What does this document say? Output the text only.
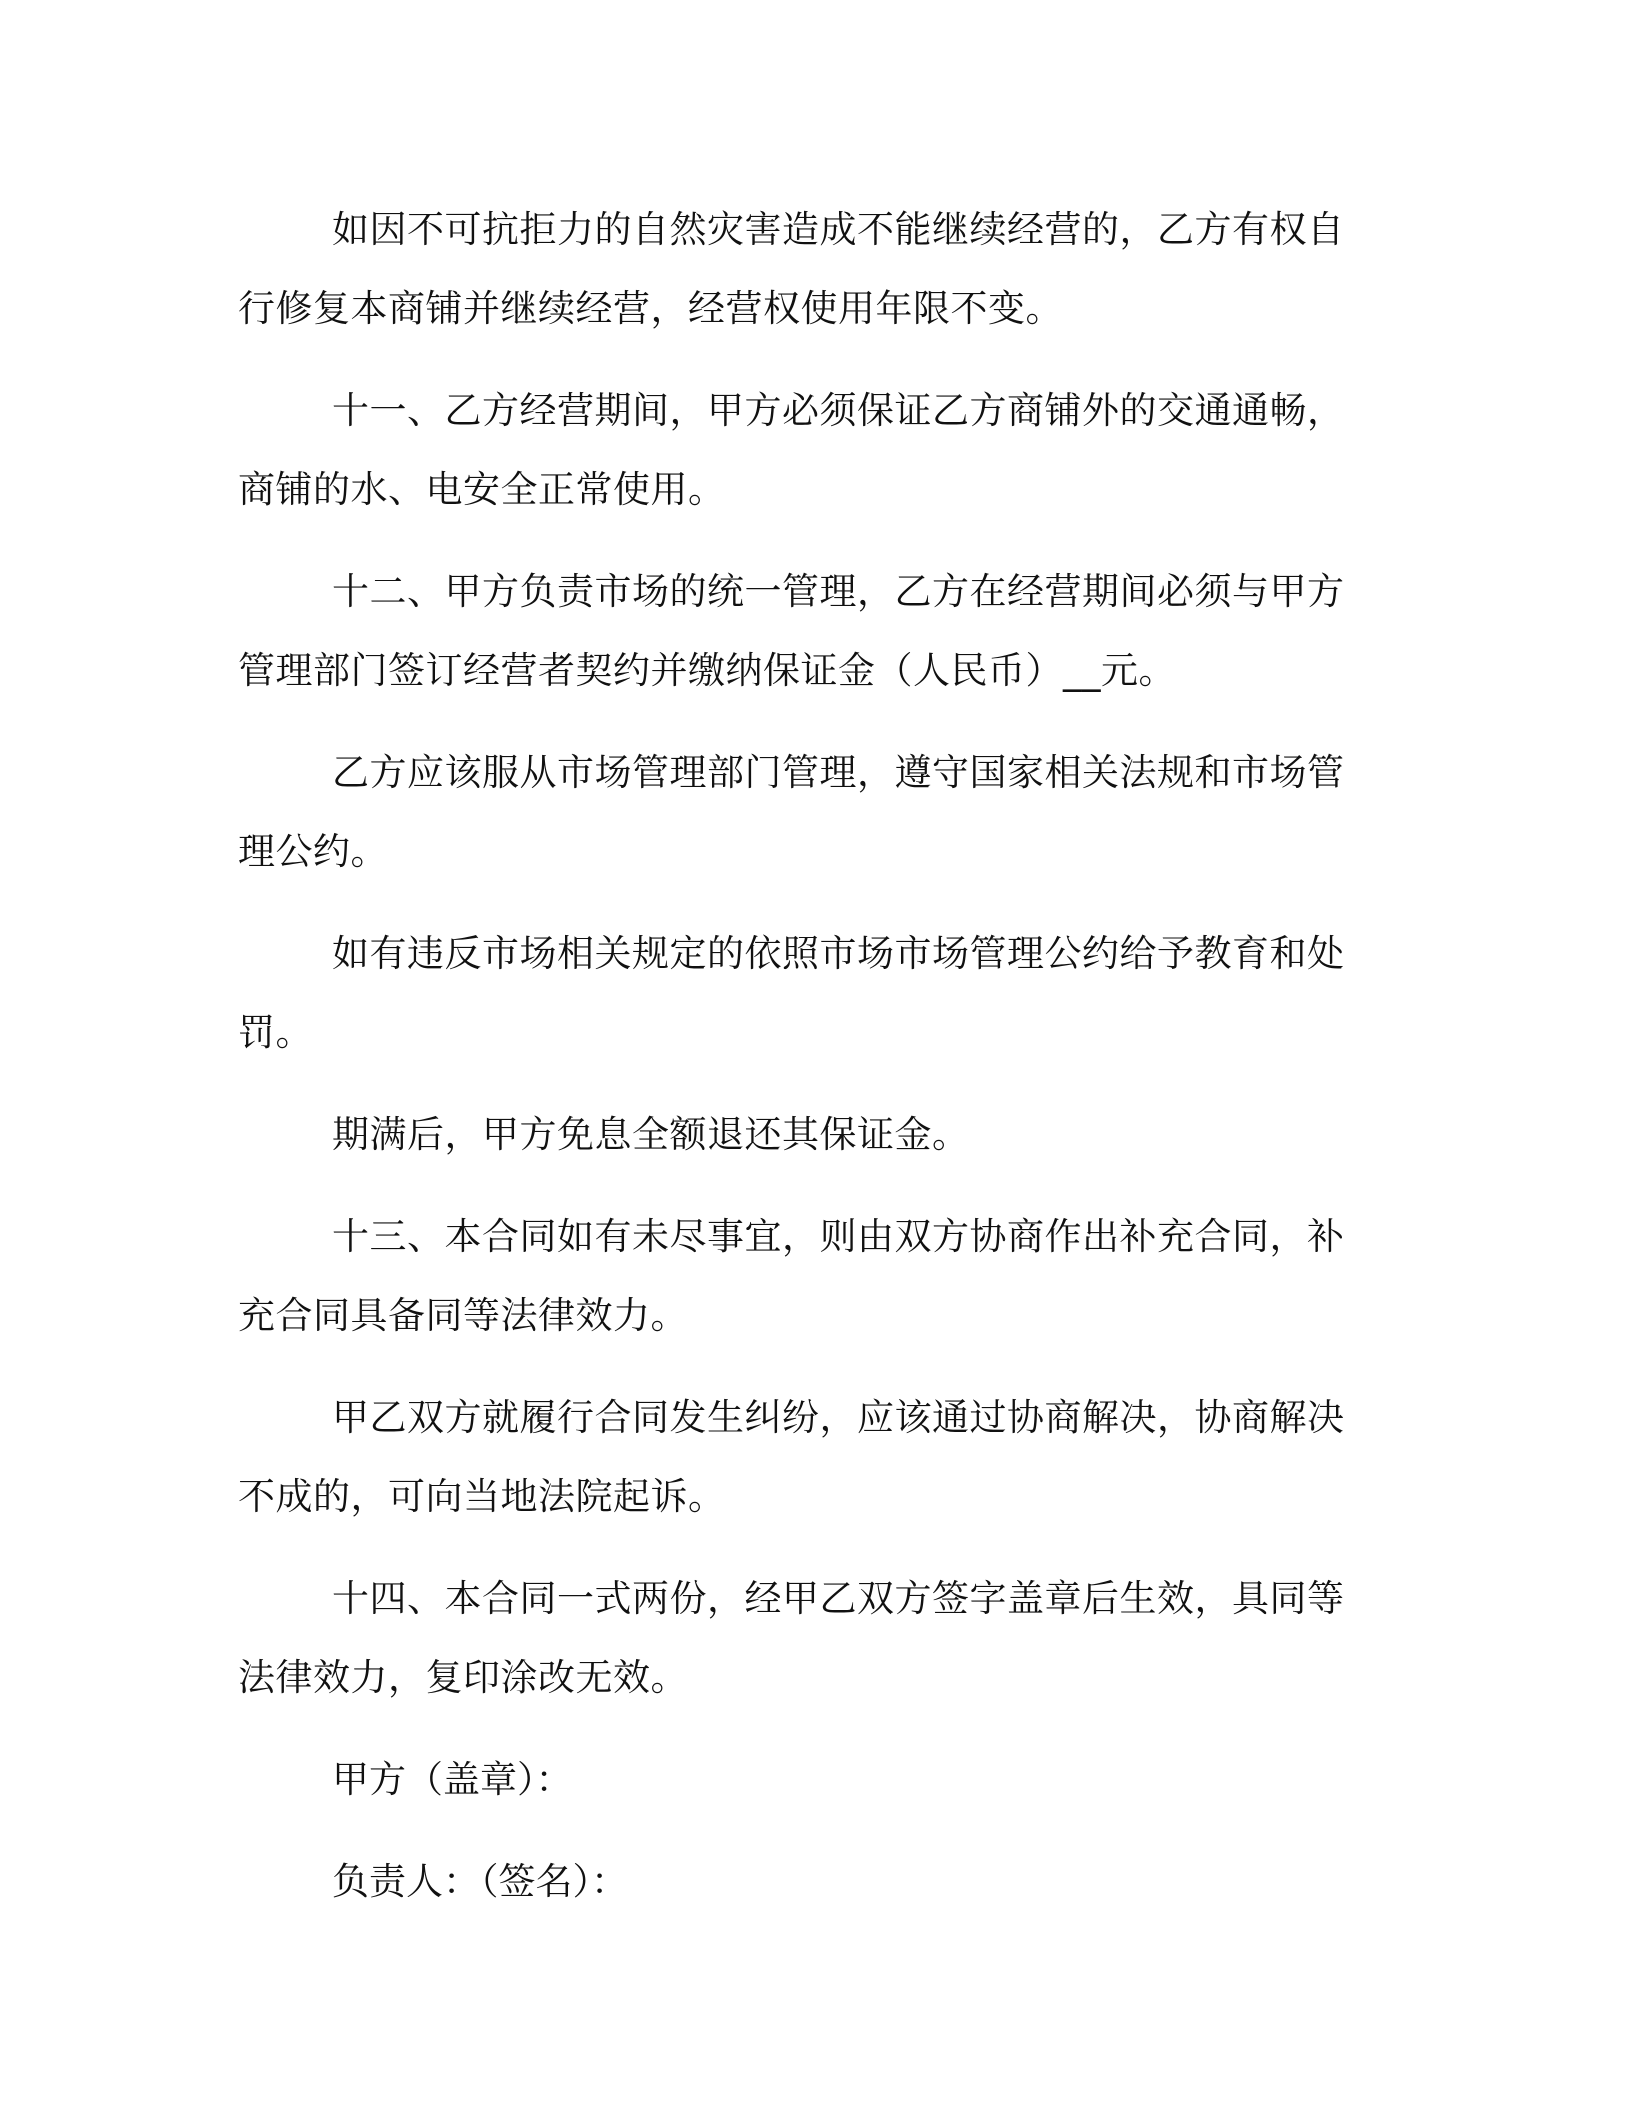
如因不可抗拒力的自然灾害造成不能继续经营的，乙方有权自行修复本商铺并继续经营，经营权使用年限不变。

十一、乙方经营期间，甲方必须保证乙方商铺外的交通通畅，商铺的水、电安全正常使用。

十二、甲方负责市场的统一管理，乙方在经营期间必须与甲方管理部门签订经营者契约并缴纳保证金（人民币）__元。

乙方应该服从市场管理部门管理，遵守国家相关法规和市场管理公约。

如有违反市场相关规定的依照市场市场管理公约给予教育和处罚。

期满后，甲方免息全额退还其保证金。

十三、本合同如有未尽事宜，则由双方协商作出补充合同，补充合同具备同等法律效力。

甲乙双方就履行合同发生纠纷，应该通过协商解决，协商解决不成的，可向当地法院起诉。

十四、本合同一式两份，经甲乙双方签字盖章后生效，具同等法律效力，复印涂改无效。

甲方（盖章）：

负责人：（签名）：
